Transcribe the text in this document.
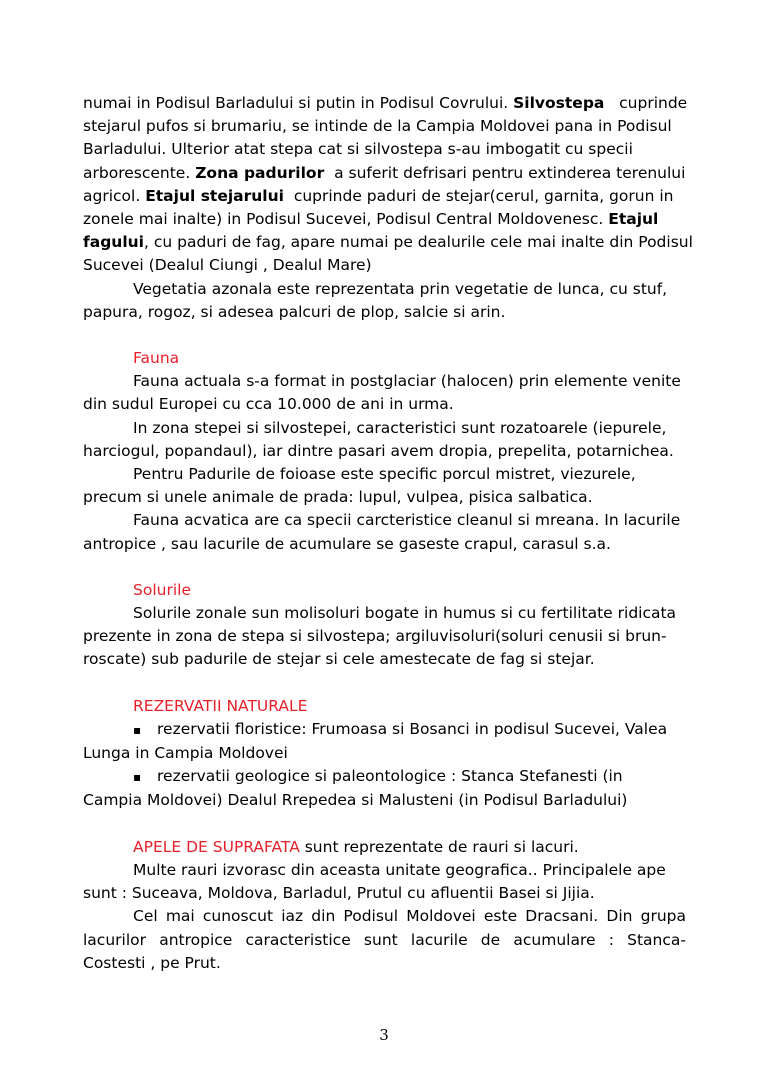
numai in Podisul Barladului si putin in Podisul Covrului. Silvostepa   cuprinde

stejarul pufos si brumariu, se intinde de la Campia Moldovei pana in Podisul

Barladului. Ulterior atat stepa cat si silvostepa s-au imbogatit cu specii

arborescente. Zona padurilor  a suferit defrisari pentru extinderea terenului

agricol. Etajul stejarului  cuprinde paduri de stejar(cerul, garnita, gorun in

zonele mai inalte) in Podisul Sucevei, Podisul Central Moldovenesc. Etajul

fagului, cu paduri de fag, apare numai pe dealurile cele mai inalte din Podisul

Sucevei (Dealul Ciungi , Dealul Mare)

Vegetatia azonala este reprezentata prin vegetatie de lunca, cu stuf,

papura, rogoz, si adesea palcuri de plop, salcie si arin.

Fauna

Fauna actuala s-a format in postglaciar (halocen) prin elemente venite

din sudul Europei cu cca 10.000 de ani in urma.

In zona stepei si silvostepei, caracteristici sunt rozatoarele (iepurele,

harciogul, popandaul), iar dintre pasari avem dropia, prepelita, potarnichea.

Pentru Padurile de foioase este specific porcul mistret, viezurele,

precum si unele animale de prada: lupul, vulpea, pisica salbatica.

Fauna acvatica are ca specii carcteristice cleanul si mreana. In lacurile

antropice , sau lacurile de acumulare se gaseste crapul, carasul s.a.

Solurile

Solurile zonale sun molisoluri bogate in humus si cu fertilitate ridicata

prezente in zona de stepa si silvostepa; argiluvisoluri(soluri cenusii si brun-

roscate) sub padurile de stejar si cele amestecate de fag si stejar.

REZERVATII NATURALE

▪ rezervatii floristice: Frumoasa si Bosanci in podisul Sucevei, Valea

Lunga in Campia Moldovei

▪ rezervatii geologice si paleontologice : Stanca Stefanesti (in

Campia Moldovei) Dealul Rrepedea si Malusteni (in Podisul Barladului)

APELE DE SUPRAFATA sunt reprezentate de rauri si lacuri.

Multe rauri izvorasc din aceasta unitate geografica.. Principalele ape

sunt : Suceava, Moldova, Barladul, Prutul cu afluentii Basei si Jijia.

Cel mai cunoscut iaz din Podisul Moldovei este Dracsani. Din grupa

lacurilor antropice caracteristice sunt lacurile de acumulare : Stanca-

Costesti , pe Prut.

3
